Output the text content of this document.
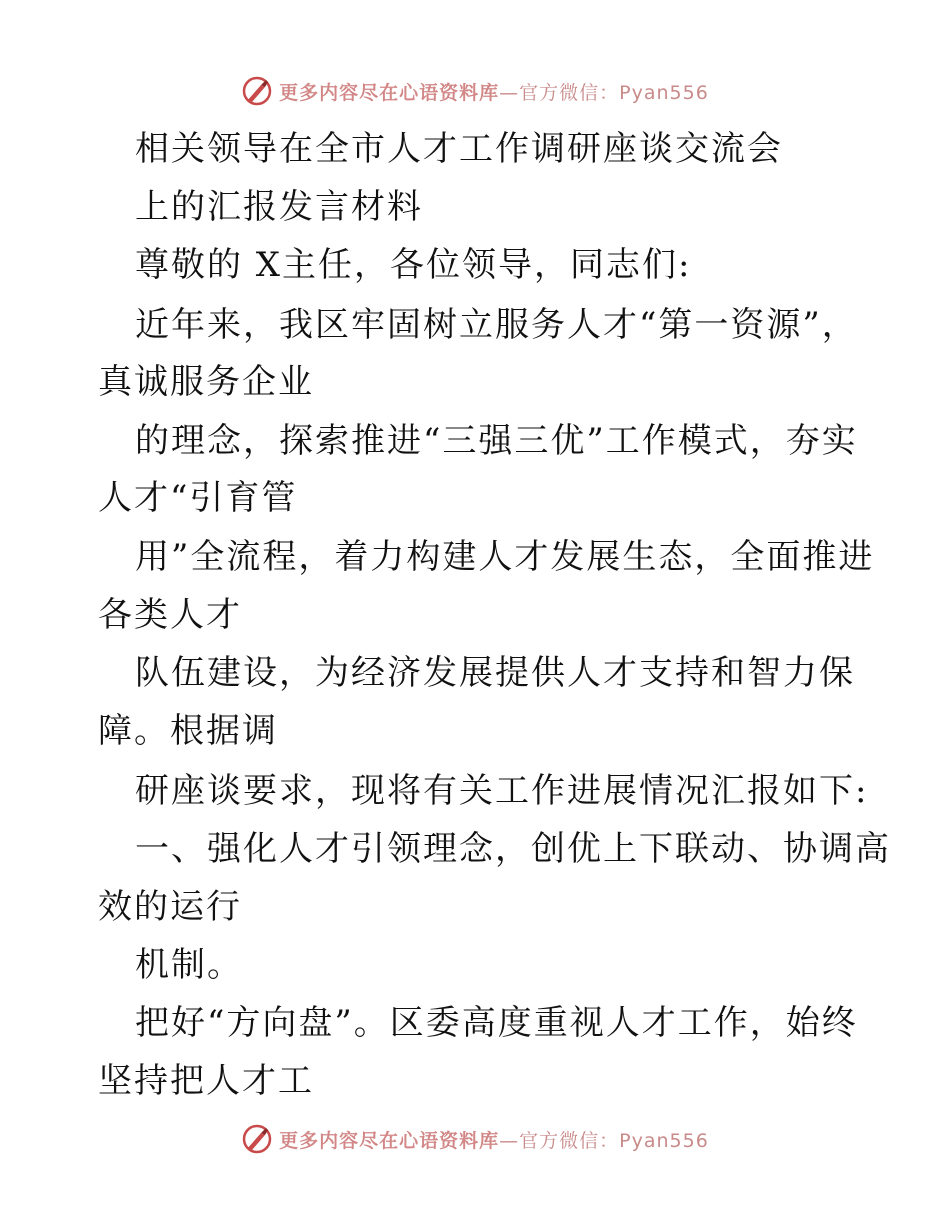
更多内容尽在心语资料库—官方微信：Pyan556

相关领导在全市人才工作调研座谈交流会

上的汇报发言材料

尊敬的 X主任，各位领导，同志们:

近年来，我区牢固树立服务人才“第一资源”，

真诚服务企业

的理念，探索推进“三强三优”工作模式，夯实

人才“引育管

用”全流程，着力构建人才发展生态，全面推进

各类人才

队伍建设，为经济发展提供人才支持和智力保

障。根据调

研座谈要求，现将有关工作进展情况汇报如下:

一、强化人才引领理念，创优上下联动、协调高

效的运行

机制。

把好“方向盘”。区委高度重视人才工作，始终

坚持把人才工

更多内容尽在心语资料库—官方微信：Pyan556
